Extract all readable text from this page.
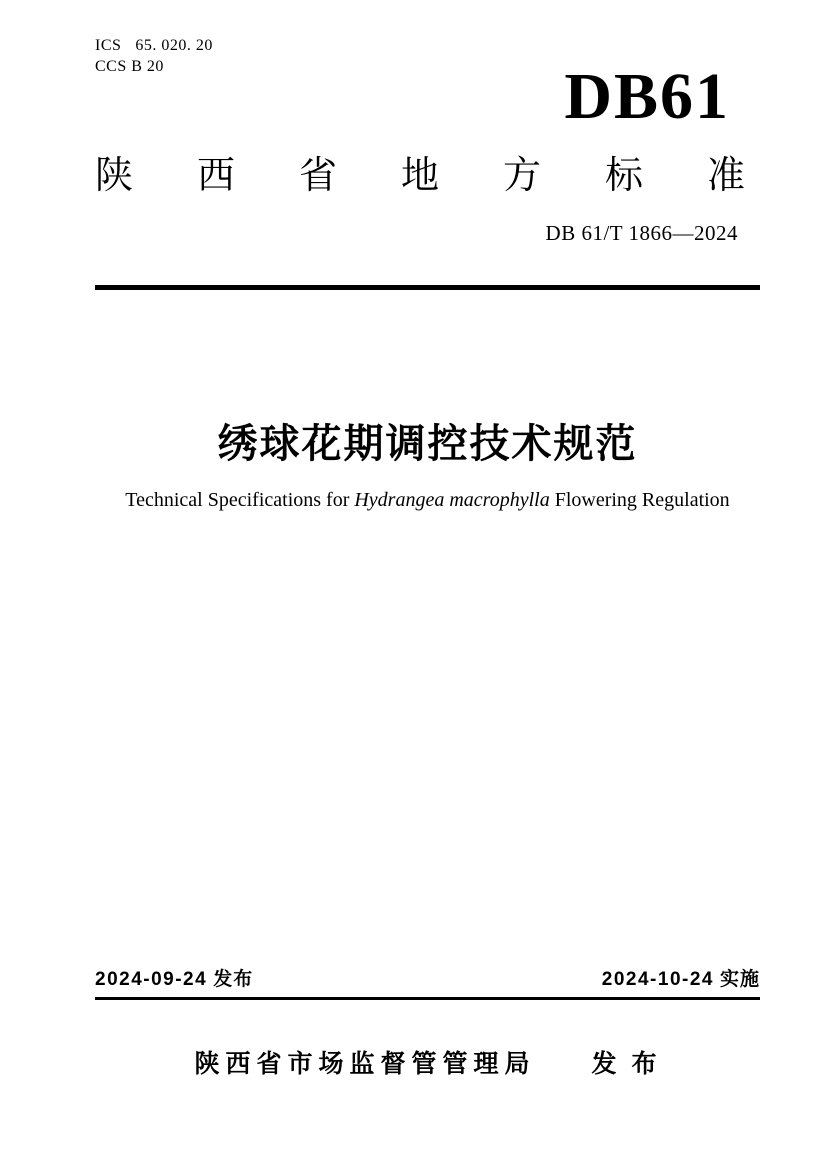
ICS 65. 020. 20
CCS B 20	DB61
陕 西 省 地 方 标 准
DB 61/T 1866—2024
绣球花期调控技术规范
Technical Specifications for Hydrangea macrophylla Flowering Regulation
2024-09-24 发布	2024-10-24 实施
陕西省市场监督管管理局 发 布
